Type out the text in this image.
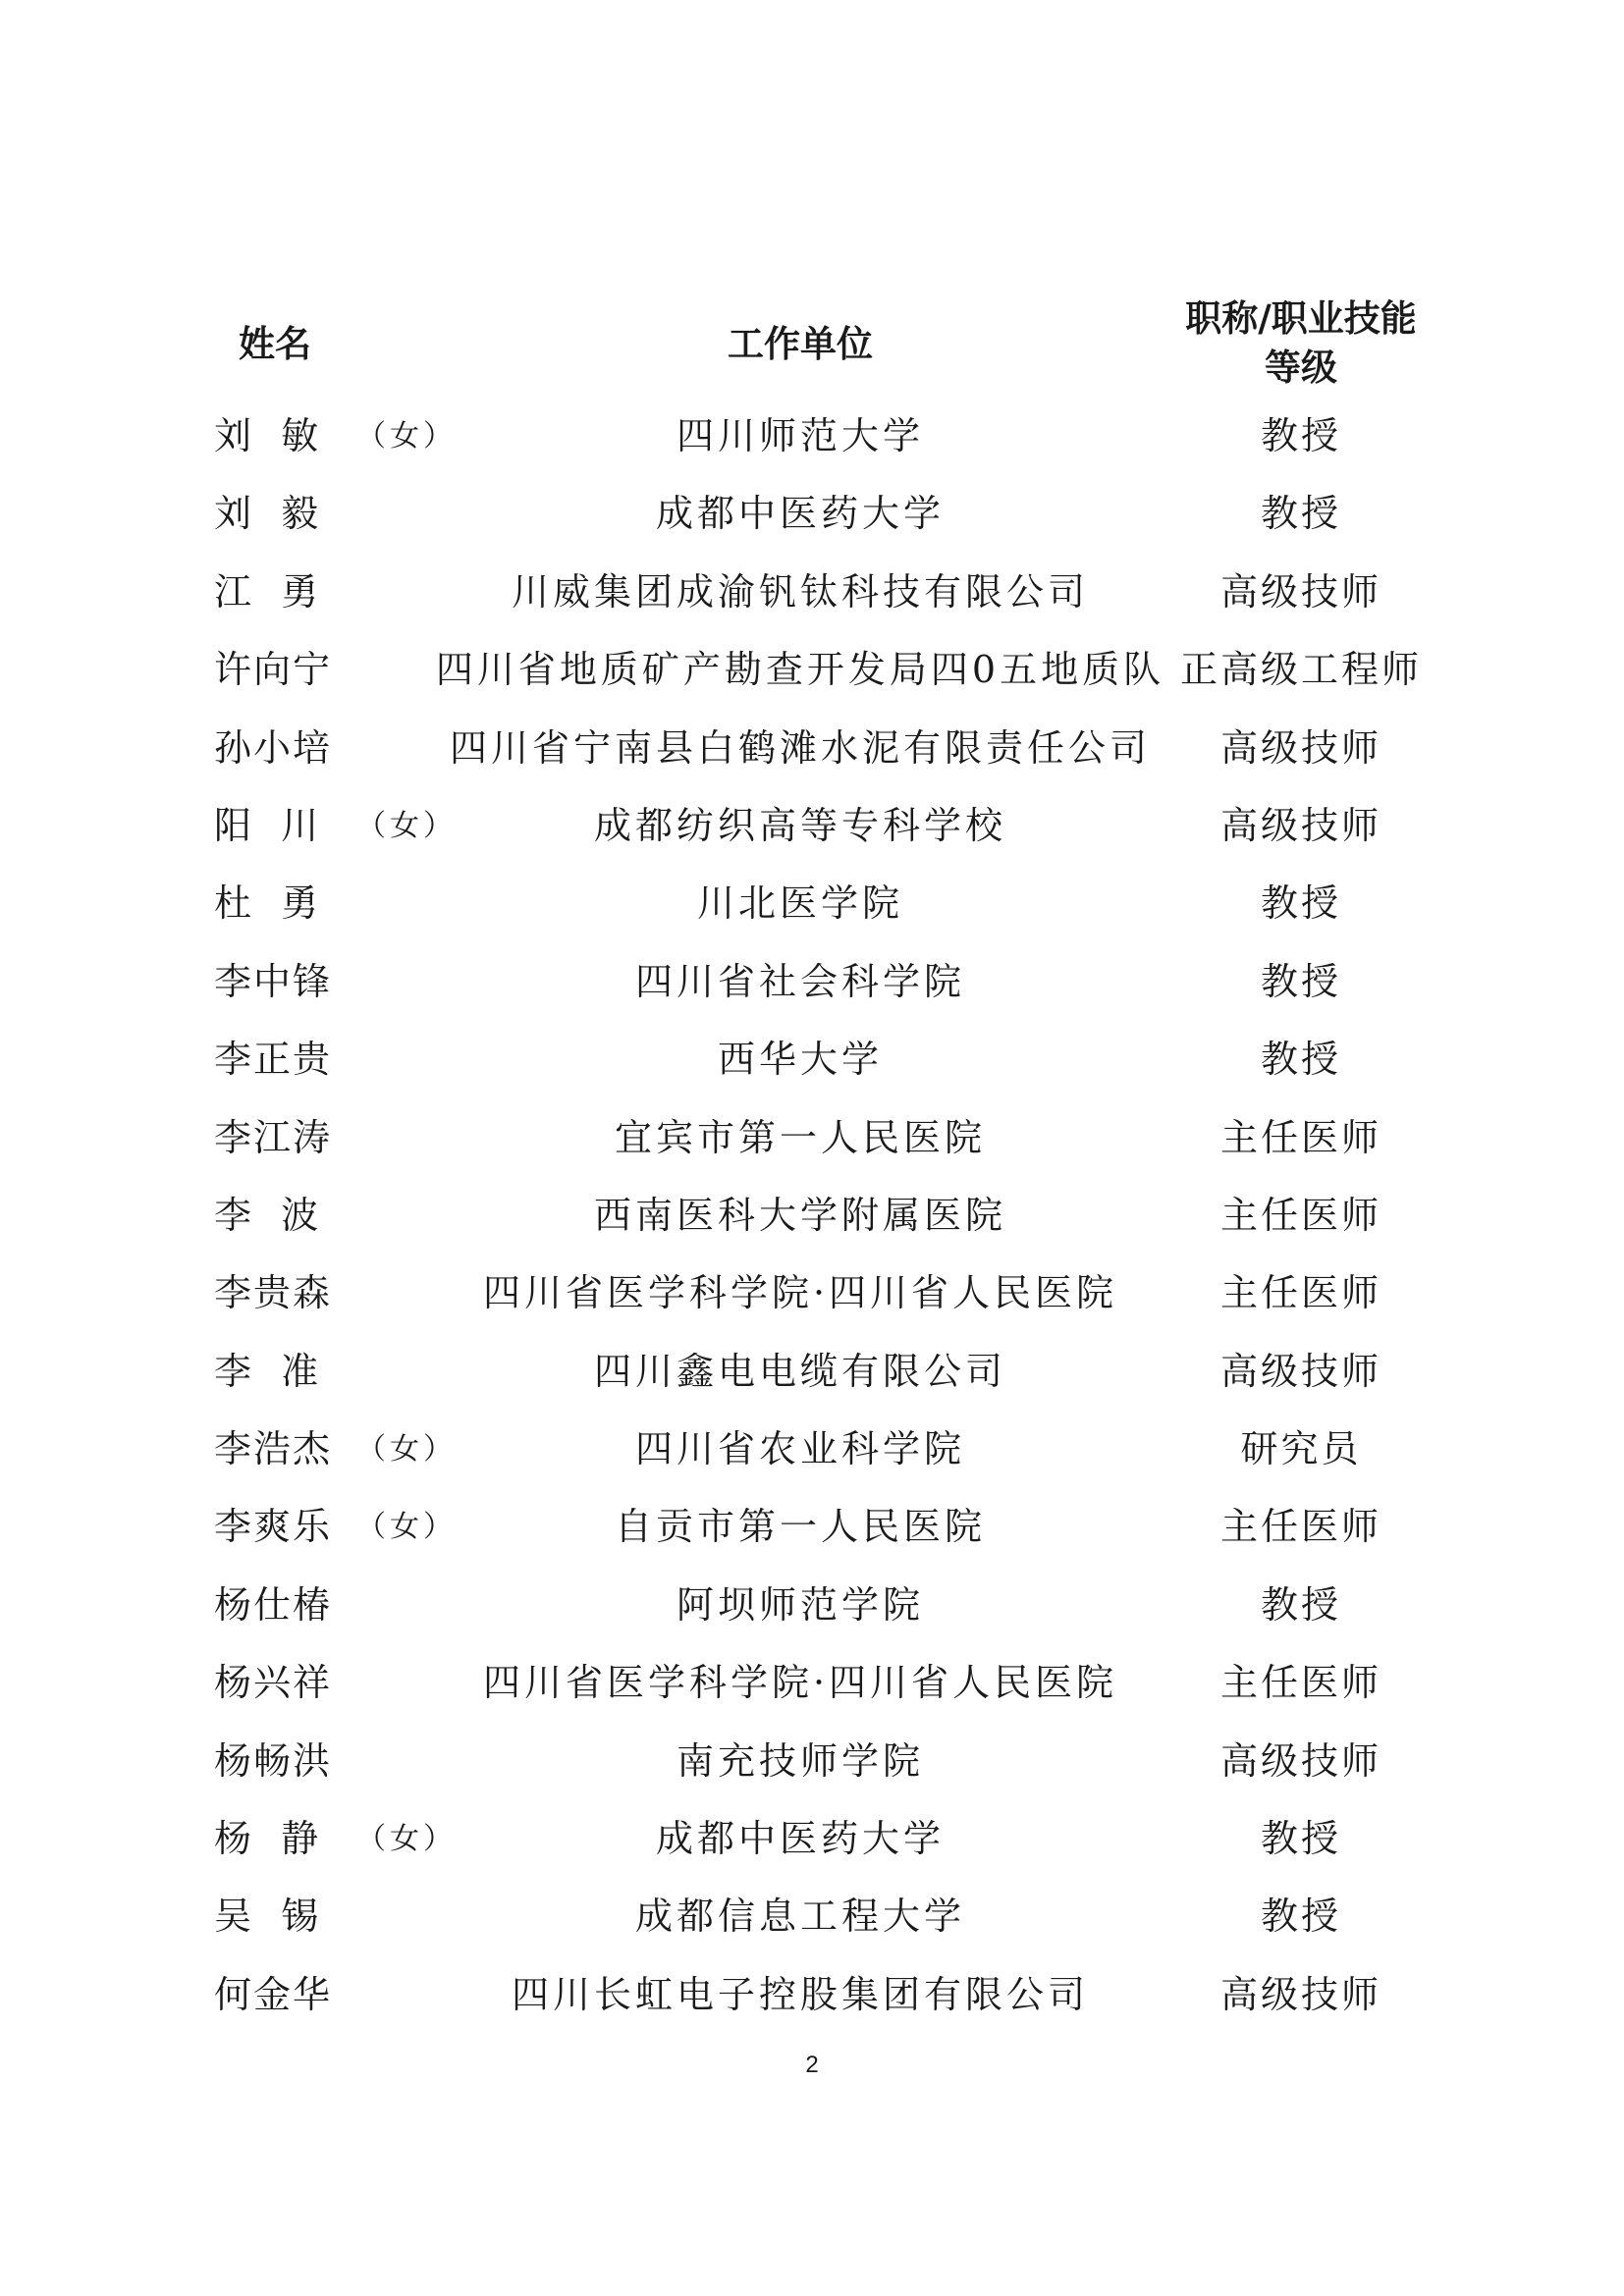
姓名	工作单位
职称/职业技能
等级
刘  敏	（女）	四川师范大学	教授
刘  毅	成都中医药大学	教授
江  勇	川威集团成渝钒钛科技有限公司	高级技师
许向宁	四川省地质矿产勘查开发局四0五地质队 正高级工程师
孙小培	四川省宁南县白鹤滩水泥有限责任公司	高级技师
阳  川	（女）	成都纺织高等专科学校	高级技师
杜  勇	川北医学院	教授
李中锋	四川省社会科学院	教授
李正贵	西华大学	教授
李江涛	宜宾市第一人民医院	主任医师
李  波	西南医科大学附属医院	主任医师
李贵森	四川省医学科学院·四川省人民医院	主任医师
李  准	四川鑫电电缆有限公司	高级技师
李浩杰 （女）	四川省农业科学院	研究员
李爽乐 （女）	自贡市第一人民医院	主任医师
杨仕椿	阿坝师范学院	教授
杨兴祥	四川省医学科学院·四川省人民医院	主任医师
杨畅洪	南充技师学院	高级技师
杨  静	（女）	成都中医药大学	教授
吴  锡	成都信息工程大学	教授
何金华	四川长虹电子控股集团有限公司	高级技师
2
